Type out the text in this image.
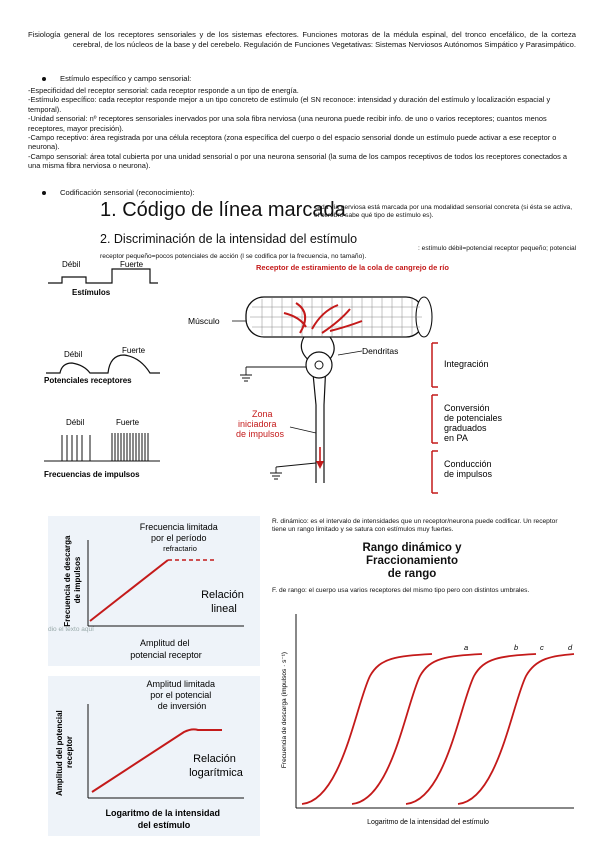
Fisiología general de los receptores sensoriales y de los sistemas efectores. Funciones motoras de la médula espinal, del tronco encefálico, de la corteza cerebral, de los núcleos de la base y del cerebelo. Regulación de Funciones Vegetativas: Sistemas Nerviosos Autónomos Simpático y Parasimpático.
Estímulo específico y campo sensorial:

-Especificidad del receptor sensorial: cada receptor responde a un tipo de energía.

-Estímulo específico: cada receptor responde mejor a un tipo concreto de estímulo (el SN reconoce: intensidad y duración del estímulo y localización espacial y temporal).

-Unidad sensorial: nº receptores sensoriales inervados por una sola fibra nerviosa (una neurona puede recibir info. de uno o varios receptores; cuantos menos receptores, mayor precisión).

-Campo receptivo: área registrada por una célula receptora (zona específica del cuerpo o del espacio sensorial donde un estímulo puede activar a ese receptor o neurona).

-Campo sensorial: área total cubierta por una unidad sensorial o por una neurona sensorial (la suma de los campos receptivos de todos los receptores conectados a una misma fibra nerviosa o neurona).

Codificación sensorial (reconocimiento):
1. Código de línea marcada
cada vía nerviosa está marcada por una modalidad sensorial concreta (si ésta se activa, el cerebro sabe qué tipo de estímulo es).
2. Discriminación de la intensidad del estímulo
: estímulo débil=potencial receptor pequeño; potencial receptor pequeño=pocos potenciales de acción (l se codifica por la frecuencia, no tamaño).
Receptor de estiramiento de la cola de cangrejo de río
Débil	Fuerte
Estímulos
Músculo
Dendritas
Zona iniciadora de impulsos
Débil	Fuerte
Potenciales receptores
Débil	Fuerte
Frecuencias de impulsos
Integración
Conversión de potenciales graduados en PA
Conducción de impulsos
Frecuencia limitada por el período refractario
Frecuencia de descarga de impulsos	Relación lineal
dio el texto aquí
Amplitud del potencial receptor
Amplitud limitada por el potencial de inversión
Amplitud del potencial receptor	Relación logarítmica
Logaritmo de la intensidad del estímulo
R. dinámico: es el intervalo de intensidades que un receptor/neurona puede codificar. Un receptor tiene un rango limitado y se satura con estímulos muy fuertes.
Rango dinámico y
Fraccionamiento
de rango
F. de rango: el cuerpo usa varios receptores del mismo tipo pero con distintos umbrales.
Frecuencia de descarga (impulsos · s⁻¹)
Logaritmo de la intensidad del estímulo
a	b	c	d
